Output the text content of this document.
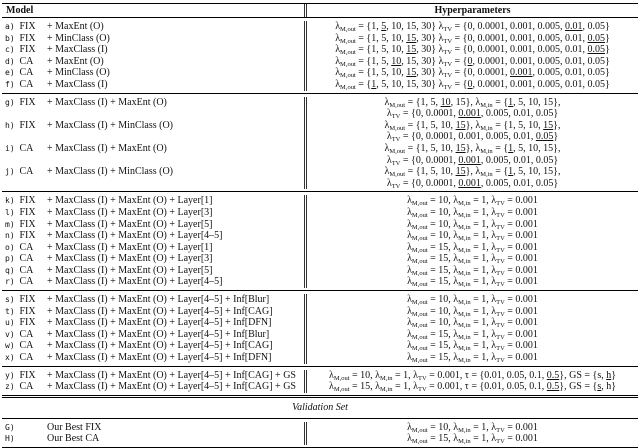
Model	Hyperparameters
a) FIX + MaxEnt (O)	$\lambda_{M,out} = \{1$, 5, 10, 15, 30} $\lambda_{TV} = \{0$, 0.0001, 0.001, 0.005, 0.01, 0.05}
b) FIX + MinClass (O)	$\lambda_{M,out} = \{1$, 5, 10, 15, 30} $\lambda_{TV} = \{0$, 0.0001, 0.001, 0.005, 0.01, 0.05}
c) FIX + MaxClass (I)	$\lambda_{M,out} = \{1$, 5, 10, 15, 30} $\lambda_{TV} = \{0$, 0.0001, 0.001, 0.005, 0.01, 0.05}
d) CA + MaxEnt (O)	$\lambda_{M,out} = \{1$, 5, 10, 15, 30} $\lambda_{TV} = \{0$, 0.0001, 0.001, 0.005, 0.01, 0.05}
e) CA + MinClass (O)	$\lambda_{M,out} = \{1$, 5, 10, 15, 30} $\lambda_{TV} = \{0$, 0.0001, 0.001, 0.005, 0.01, 0.05}
f) CA + MaxClass (I)	$\lambda_{M,out} = \{1$, 5, 10, 15, 30} $\lambda_{TV} = \{0$, 0.0001, 0.001, 0.005, 0.01, 0.05}
g) FIX + MaxClass (I) + MaxEnt (O)	$\lambda_{M,out} = \{1$, 5, 10, 15}, $\lambda_{M,in} = \{1$, 5, 10, 15},
$\lambda_{TV} = \{0$, 0.0001, 0.001, 0.005, 0.01, 0.05}
h) FIX + MaxClass (I) + MinClass (O)	$\lambda_{M,out} = \{1$, 5, 10, 15}, $\lambda_{M,in} = \{1$, 5, 10, 15},
$\lambda_{TV} = \{0$, 0.0001, 0.001, 0.005, 0.01, 0.05}
i) CA + MaxClass (I) + MaxEnt (O)	$\lambda_{M,out} = \{1$, 5, 10, 15}, $\lambda_{M,in} = \{1$, 5, 10, 15},
$\lambda_{TV} = \{0$, 0.0001, 0.001, 0.005, 0.01, 0.05}
j) CA + MaxClass (I) + MinClass (O)	$\lambda_{M,out} = \{1$, 5, 10, 15}, $\lambda_{M,in} = \{1$, 5, 10, 15},
$\lambda_{TV} = \{0$, 0.0001, 0.001, 0.005, 0.01, 0.05}
k) FIX + MaxClass (I) + MaxEnt (O) + Layer[1]	$\lambda_{M,out} = 10$, $\lambda_{M,in} = 1$, $\lambda_{TV} = 0.001$
l) FIX + MaxClass (I) + MaxEnt (O) + Layer[3]	$\lambda_{M,out} = 10$, $\lambda_{M,in} = 1$, $\lambda_{TV} = 0.001$
m) FIX + MaxClass (I) + MaxEnt (O) + Layer[5]	$\lambda_{M,out} = 10$, $\lambda_{M,in} = 1$, $\lambda_{TV} = 0.001$
n) FIX + MaxClass (I) + MaxEnt (O) + Layer[4–5]	$\lambda_{M,out} = 10$, $\lambda_{M,in} = 1$, $\lambda_{TV} = 0.001$
o) CA + MaxClass (I) + MaxEnt (O) + Layer[1]	$\lambda_{M,out} = 15$, $\lambda_{M,in} = 1$, $\lambda_{TV} = 0.001$
p) CA + MaxClass (I) + MaxEnt (O) + Layer[3]	$\lambda_{M,out} = 15$, $\lambda_{M,in} = 1$, $\lambda_{TV} = 0.001$
q) CA + MaxClass (I) + MaxEnt (O) + Layer[5]	$\lambda_{M,out} = 15$, $\lambda_{M,in} = 1$, $\lambda_{TV} = 0.001$
r) CA + MaxClass (I) + MaxEnt (O) + Layer[4–5]	$\lambda_{M,out} = 15$, $\lambda_{M,in} = 1$, $\lambda_{TV} = 0.001$
s) FIX + MaxClass (I) + MaxEnt (O) + Layer[4–5] + Inf[Blur]	$\lambda_{M,out} = 10$, $\lambda_{M,in} = 1$, $\lambda_{TV} = 0.001$
t) FIX + MaxClass (I) + MaxEnt (O) + Layer[4–5] + Inf[CAG]	$\lambda_{M,out} = 10$, $\lambda_{M,in} = 1$, $\lambda_{TV} = 0.001$
u) FIX + MaxClass (I) + MaxEnt (O) + Layer[4–5] + Inf[DFN]	$\lambda_{M,out} = 10$, $\lambda_{M,in} = 1$, $\lambda_{TV} = 0.001$
v) CA + MaxClass (I) + MaxEnt (O) + Layer[4–5] + Inf[Blur]	$\lambda_{M,out} = 15$, $\lambda_{M,in} = 1$, $\lambda_{TV} = 0.001$
w) CA + MaxClass (I) + MaxEnt (O) + Layer[4–5] + Inf[CAG]	$\lambda_{M,out} = 15$, $\lambda_{M,in} = 1$, $\lambda_{TV} = 0.001$
x) CA + MaxClass (I) + MaxEnt (O) + Layer[4–5] + Inf[DFN]	$\lambda_{M,out} = 15$, $\lambda_{M,in} = 1$, $\lambda_{TV} = 0.001$
y) FIX + MaxClass (I) + MaxEnt (O) + Layer[4–5] + Inf[CAG] + GS	$\lambda_{M,out} = 10$, $\lambda_{M,in} = 1$, $\lambda_{TV} = 0.001$, τ = {0.01, 0.05, 0.1, 0.5}, GS = {s, h}
z) CA + MaxClass (I) + MaxEnt (O) + Layer[4–5] + Inf[CAG] + GS	$\lambda_{M,out} = 15$, $\lambda_{M,in} = 1$, $\lambda_{TV} = 0.001$, τ = {0.01, 0.05, 0.1, 0.5}, GS = {s, h}
Validation Set
G)	Our Best FIX	$\lambda_{M,out} = 10$, $\lambda_{M,in} = 1$, $\lambda_{TV} = 0.001$
H)	Our Best CA	$\lambda_{M,out} = 15$, $\lambda_{M,in} = 1$, $\lambda_{TV} = 0.001$
